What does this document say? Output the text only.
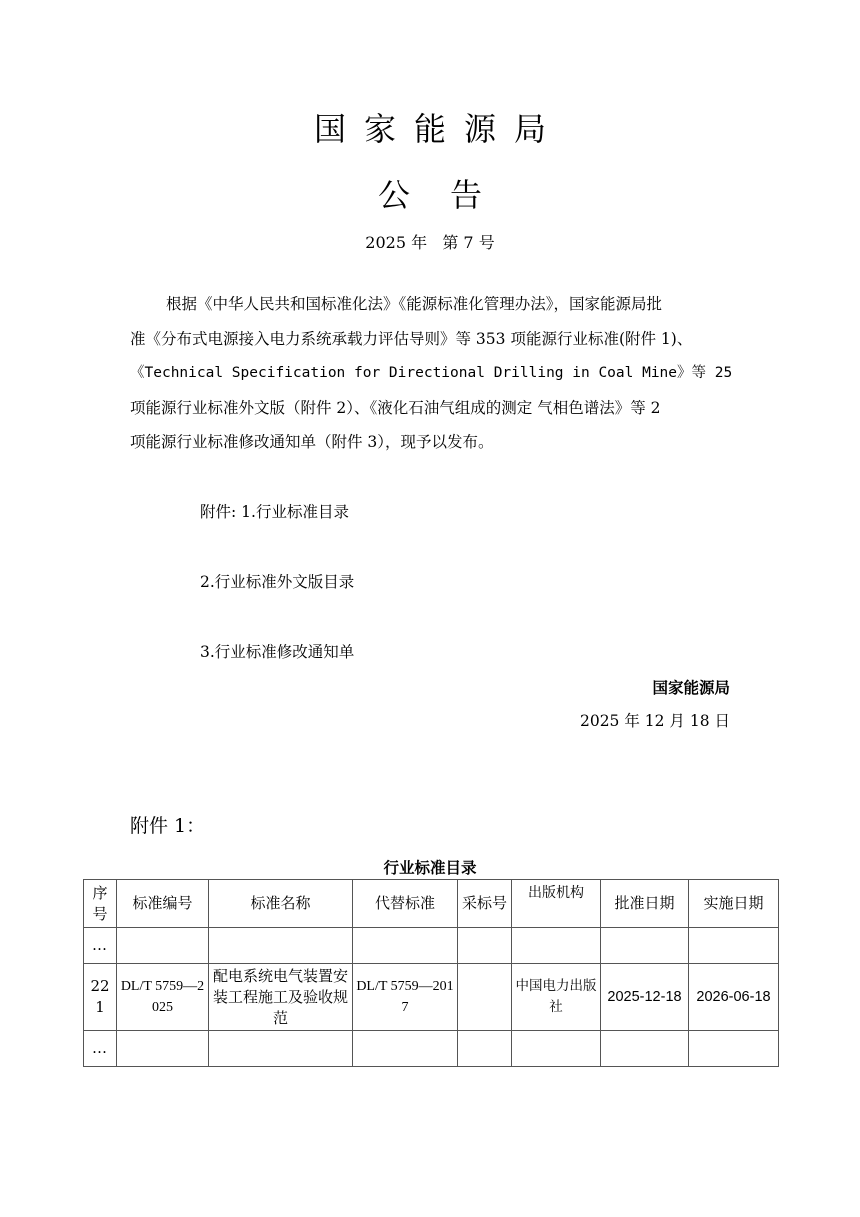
国家能源局
公告
2025 年   第 7 号
根据《中华人民共和国标准化法》《能源标准化管理办法》，国家能源局批
准《分布式电源接入电力系统承载力评估导则》等 353 项能源行业标准(附件 1)、
《Technical Specification for Directional Drilling in Coal Mine》等 25
项能源行业标准外文版（附件 2）、《液化石油气组成的测定 气相色谱法》等 2
项能源行业标准修改通知单（附件 3），现予以发布。
附件: 1.行业标准目录
2.行业标准外文版目录
3.行业标准修改通知单
国家能源局
2025 年 12 月 18 日
附件 1：
行业标准目录
序号	标准编号	标准名称	代替标准	采标号	出版机构	批准日期	实施日期
…							
221	DL/T 5759—2025	配电系统电气装置安装工程施工及验收规范	DL/T 5759—2017		中国电力出版社	2025-12-18	2026-06-18
…							
